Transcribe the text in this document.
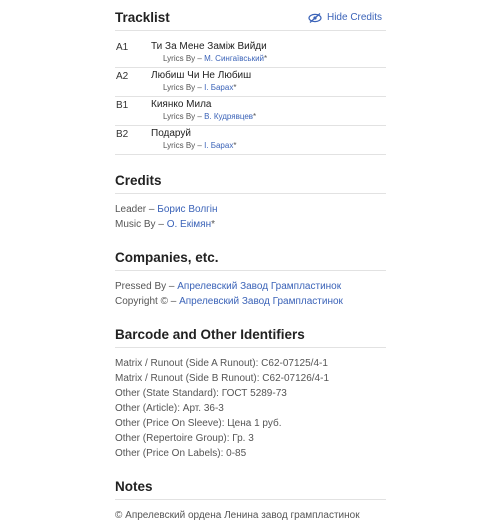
Tracklist	Hide Credits
A1 Ти За Мене Заміж Вийди
Lyrics By – М. Сингаївський*
A2 Любиш Чи Не Любиш
Lyrics By – І. Барах*
B1 Киянко Мила
Lyrics By – В. Кудрявцев*
B2 Подаруй
Lyrics By – І. Барах*
Credits
Leader – Борис Волгін
Music By – О. Екімян*
Companies, etc.
Pressed By – Апрелевский Завод Грампластинок
Copyright © – Апрелевский Завод Грампластинок
Barcode and Other Identifiers
Matrix / Runout (Side A Runout): С62-07125/4-1
Matrix / Runout (Side B Runout): С62-07126/4-1
Other (State Standard): ГОСТ 5289-73
Other (Article): Арт. 36-3
Other (Price On Sleeve): Цена 1 руб.
Other (Repertoire Group): Гр. 3
Other (Price On Labels): 0-85
Notes
© Апрелевский ордена Ленина завод грампластинок
